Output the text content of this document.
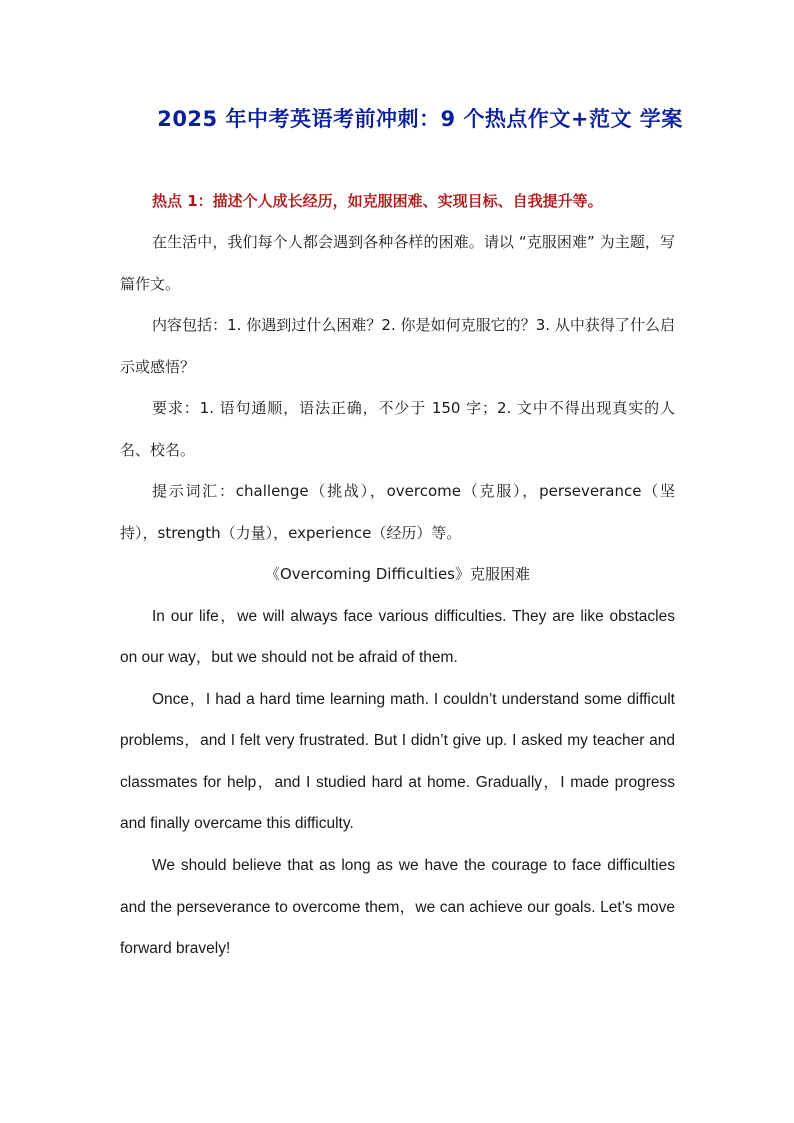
2025 年中考英语考前冲刺：9 个热点作文+范文 学案

热点 1：描述个人成长经历，如克服困难、实现目标、自我提升等。

在生活中，我们每个人都会遇到各种各样的困难。请以 “克服困难” 为主题，写篇作文。

内容包括：1. 你遇到过什么困难？2. 你是如何克服它的？3. 从中获得了什么启示或感悟？

要求：1. 语句通顺，语法正确，不少于 150 字；2. 文中不得出现真实的人名、校名。

提示词汇：challenge（挑战），overcome（克服），perseverance（坚持），strength（力量），experience（经历）等。

《Overcoming Difficulties》克服困难

In our life，we will always face various difficulties. They are like obstacles on our way，but we should not be afraid of them.

Once，I had a hard time learning math. I couldn’t understand some difficult problems，and I felt very frustrated. But I didn’t give up. I asked my teacher and classmates for help，and I studied hard at home. Gradually，I made progress and finally overcame this difficulty.

We should believe that as long as we have the courage to face difficulties and the perseverance to overcome them，we can achieve our goals. Let’s move forward bravely!
